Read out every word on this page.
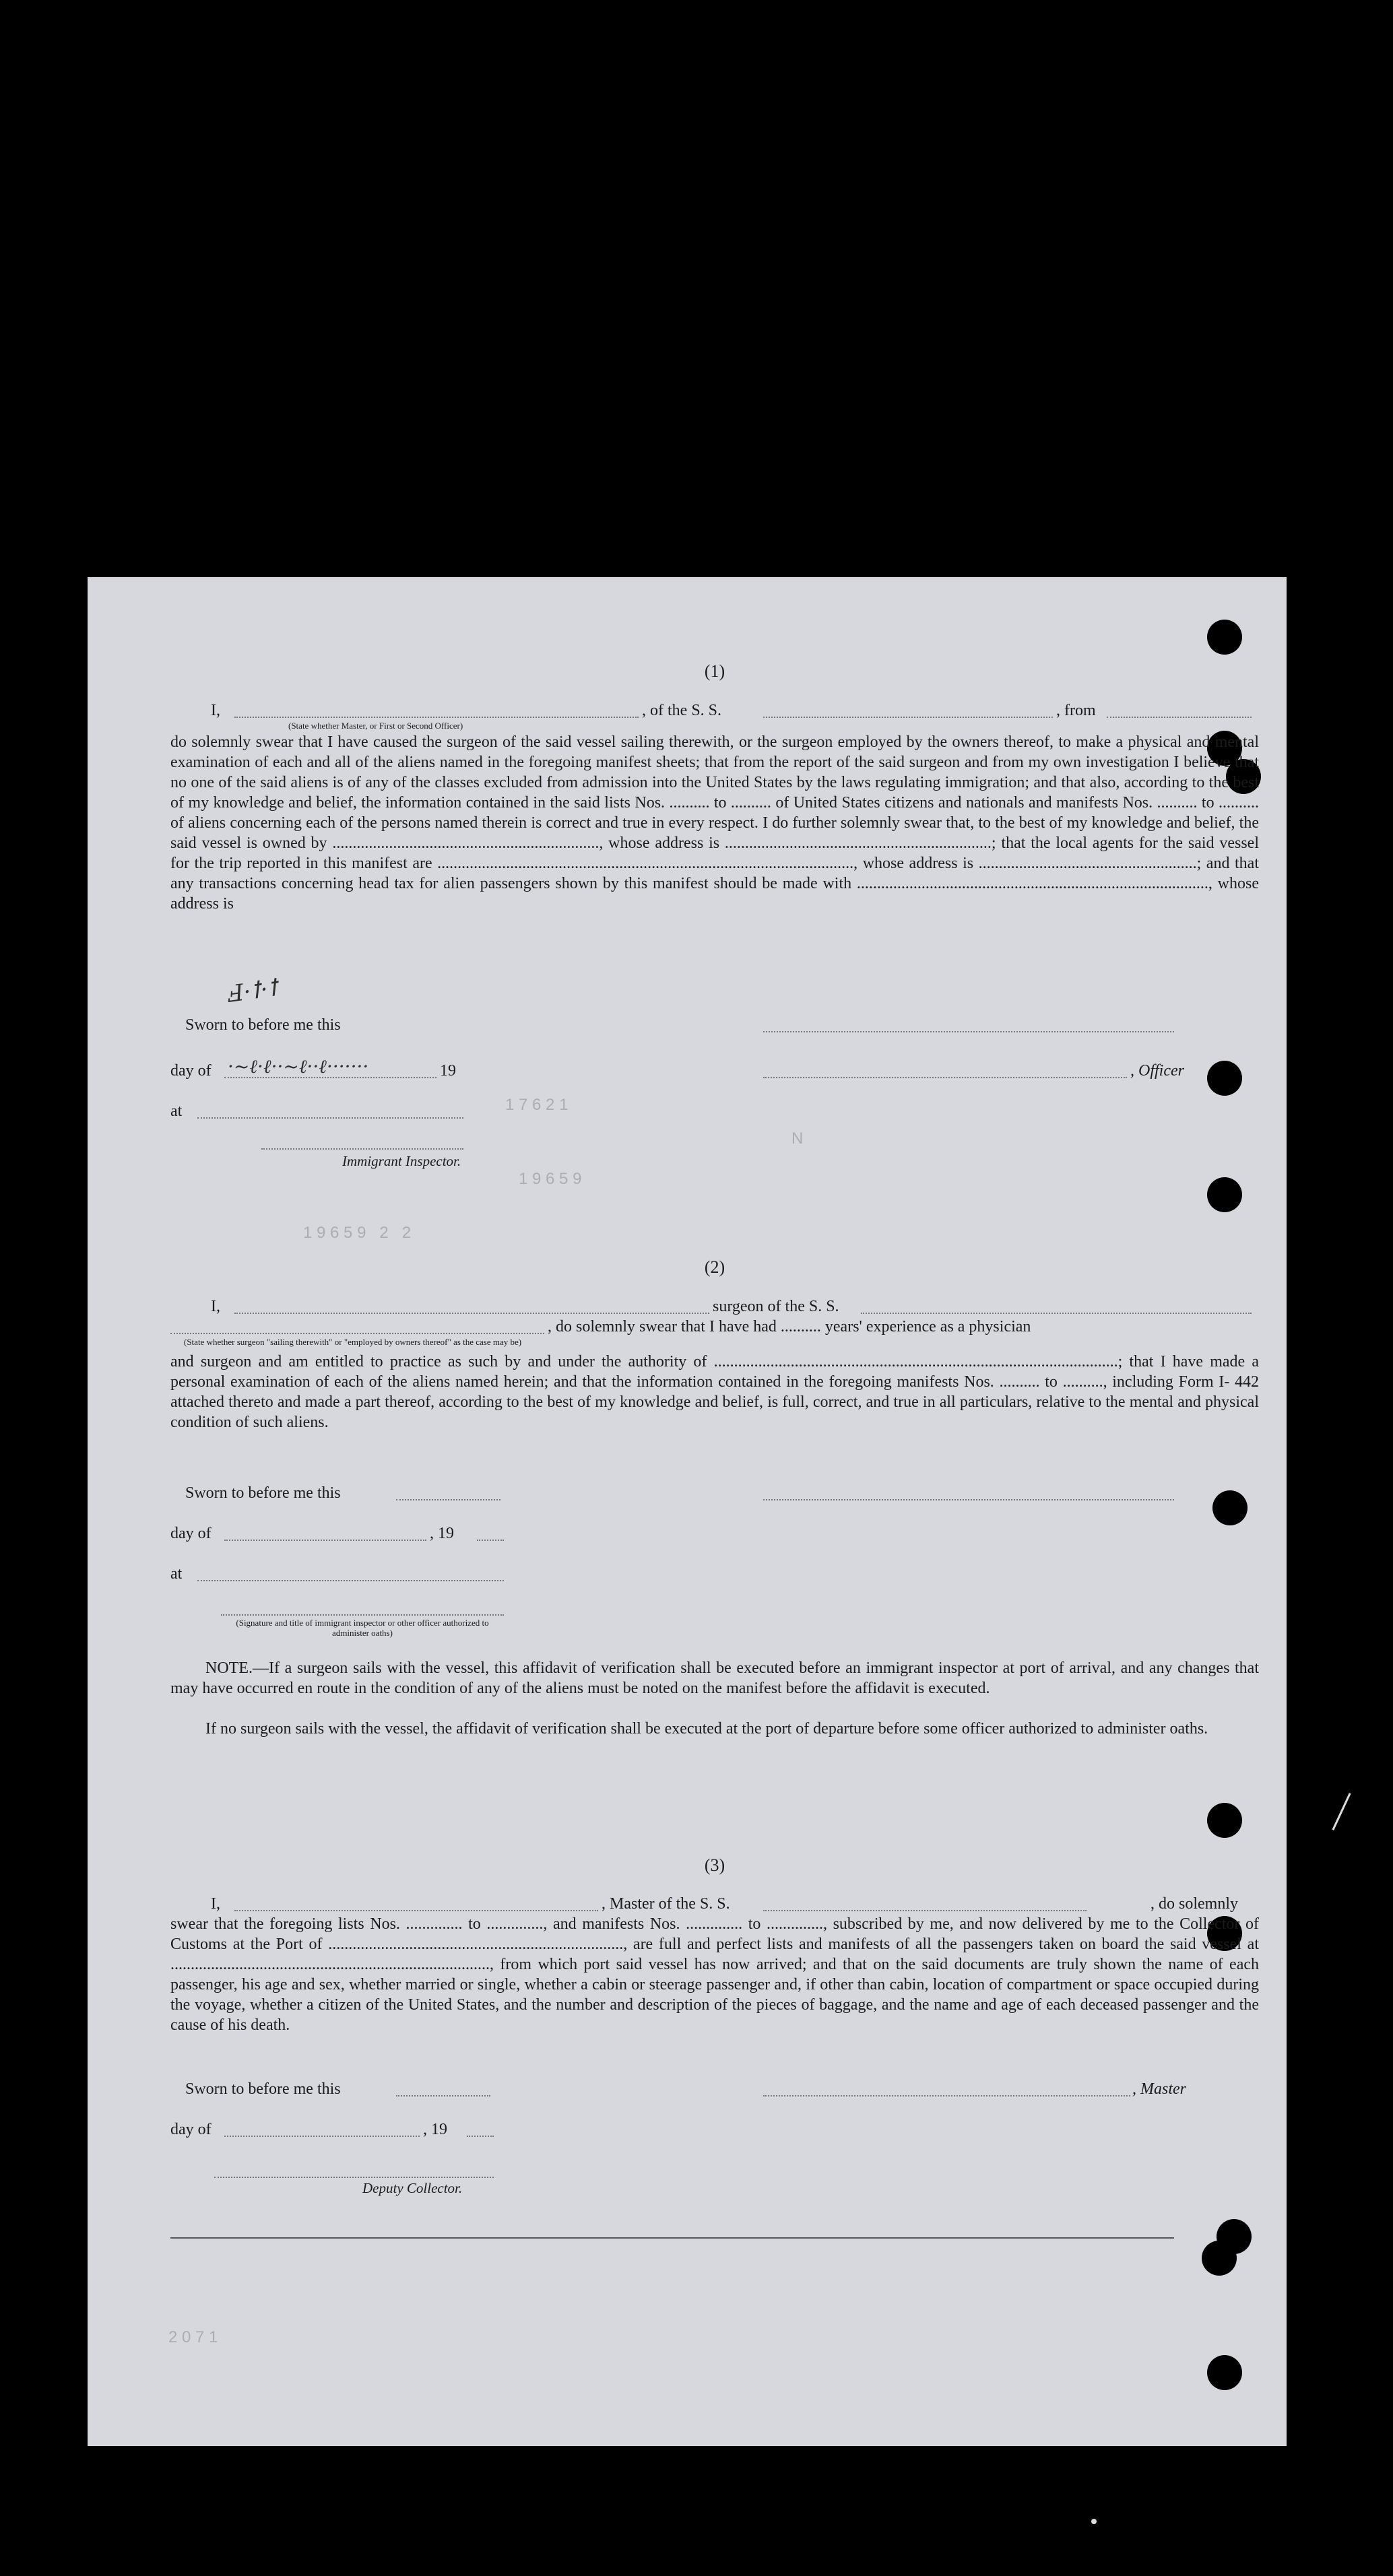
1 7 6 2 1
N
1 9 6 5 9
1 9 6 5 9   2   2
2 0 7 1
(1)
I,	, of the S. S.	, from
(State whether Master, or First or Second Officer)

do solemnly swear that I have caused the surgeon of the said vessel sailing therewith, or the surgeon employed by the owners thereof, to make a physical and mental examination of each and all of the aliens named in the foregoing manifest sheets; that from the report of the said surgeon and from my own investigation I believe that no one of the said aliens is of any of the classes excluded from admission into the United States by the laws regulating immigration; and that also, according to the best of my knowledge and belief, the information contained in the said lists Nos. .......... to .......... of United States citizens and nationals and manifests Nos. .......... to .......... of aliens concerning each of the persons named therein is correct and true in every respect. I do further solemnly swear that, to the best of my knowledge and belief, the said vessel is owned by .................................................................., whose address is ..................................................................; that the local agents for the said vessel for the trip reported in this manifest are ......................................................................................................., whose address is ......................................................; and that any transactions concerning head tax for alien passengers shown by this manifest should be made with ......................................................................................., whose address is

Sworn to before me this
day of	19	, Officer
at
Immigrant Inspector.
Ⅎ·ꝉ·ꝉ
·~ℓ·ℓ··~ℓ··ℓ·······
(2)
I,	surgeon of the S. S.
, do solemnly swear that I have had .......... years' experience as a physician
(State whether surgeon "sailing therewith" or "employed by owners thereof" as the case may be)

and surgeon and am entitled to practice as such by and under the authority of ....................................................................................................; that I have made a personal examination of each of the aliens named herein; and that the information contained in the foregoing manifests Nos. .......... to .........., including Form I- 442 attached thereto and made a part thereof, according to the best of my knowledge and belief, is full, correct, and true in all particulars, relative to the mental and physical condition of such aliens.

Sworn to before me this
day of	, 19
at
(Signature and title of immigrant inspector or other officer authorized to administer oaths)

NOTE.—If a surgeon sails with the vessel, this affidavit of verification shall be executed before an immigrant inspector at port of arrival, and any changes that may have occurred en route in the condition of any of the aliens must be noted on the manifest before the affidavit is executed.

If no surgeon sails with the vessel, the affidavit of verification shall be executed at the port of departure before some officer authorized to administer oaths.

(3)
I,	, Master of the S. S.	, do solemnly

swear that the foregoing lists Nos. .............. to .............., and manifests Nos. .............. to .............., subscribed by me, and now delivered by me to the Collector of Customs at the Port of ........................................................................., are full and perfect lists and manifests of all the passengers taken on board the said vessel at ..............................................................................., from which port said vessel has now arrived; and that on the said documents are truly shown the name of each passenger, his age and sex, whether married or single, whether a cabin or steerage passenger and, if other than cabin, location of compartment or space occupied during the voyage, whether a citizen of the United States, and the number and description of the pieces of baggage, and the name and age of each deceased passenger and the cause of his death.

Sworn to before me this	, Master
day of	, 19
Deputy Collector.
